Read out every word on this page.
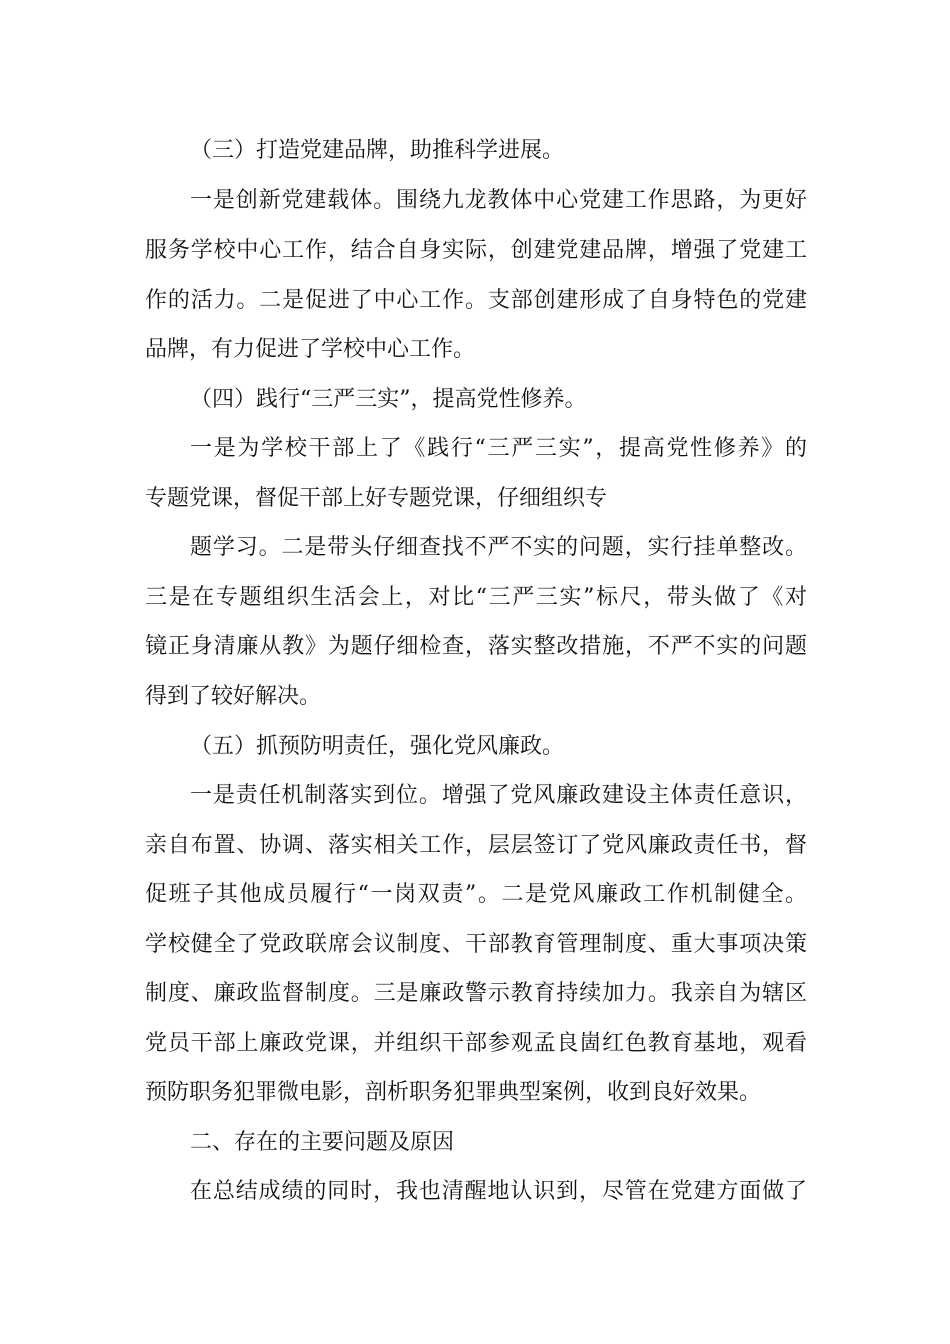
（三）打造党建品牌，助推科学进展。
一是创新党建载体。围绕九龙教体中心党建工作思路，为更好
服务学校中心工作，结合自身实际，创建党建品牌，增强了党建工
作的活力。二是促进了中心工作。支部创建形成了自身特色的党建
品牌，有力促进了学校中心工作。
（四）践行“三严三实”，提高党性修养。
一是为学校干部上了《践行“三严三实”，提高党性修养》的
专题党课，督促干部上好专题党课，仔细组织专
题学习。二是带头仔细查找不严不实的问题，实行挂单整改。
三是在专题组织生活会上，对比“三严三实”标尺，带头做了《对
镜正身清廉从教》为题仔细检查，落实整改措施，不严不实的问题
得到了较好解决。
（五）抓预防明责任，强化党风廉政。
一是责任机制落实到位。增强了党风廉政建设主体责任意识，
亲自布置、协调、落实相关工作，层层签订了党风廉政责任书，督
促班子其他成员履行“一岗双责”。二是党风廉政工作机制健全。
学校健全了党政联席会议制度、干部教育管理制度、重大事项决策
制度、廉政监督制度。三是廉政警示教育持续加力。我亲自为辖区
党员干部上廉政党课，并组织干部参观孟良崮红色教育基地，观看
预防职务犯罪微电影，剖析职务犯罪典型案例，收到良好效果。
二、存在的主要问题及原因
在总结成绩的同时，我也清醒地认识到，尽管在党建方面做了
